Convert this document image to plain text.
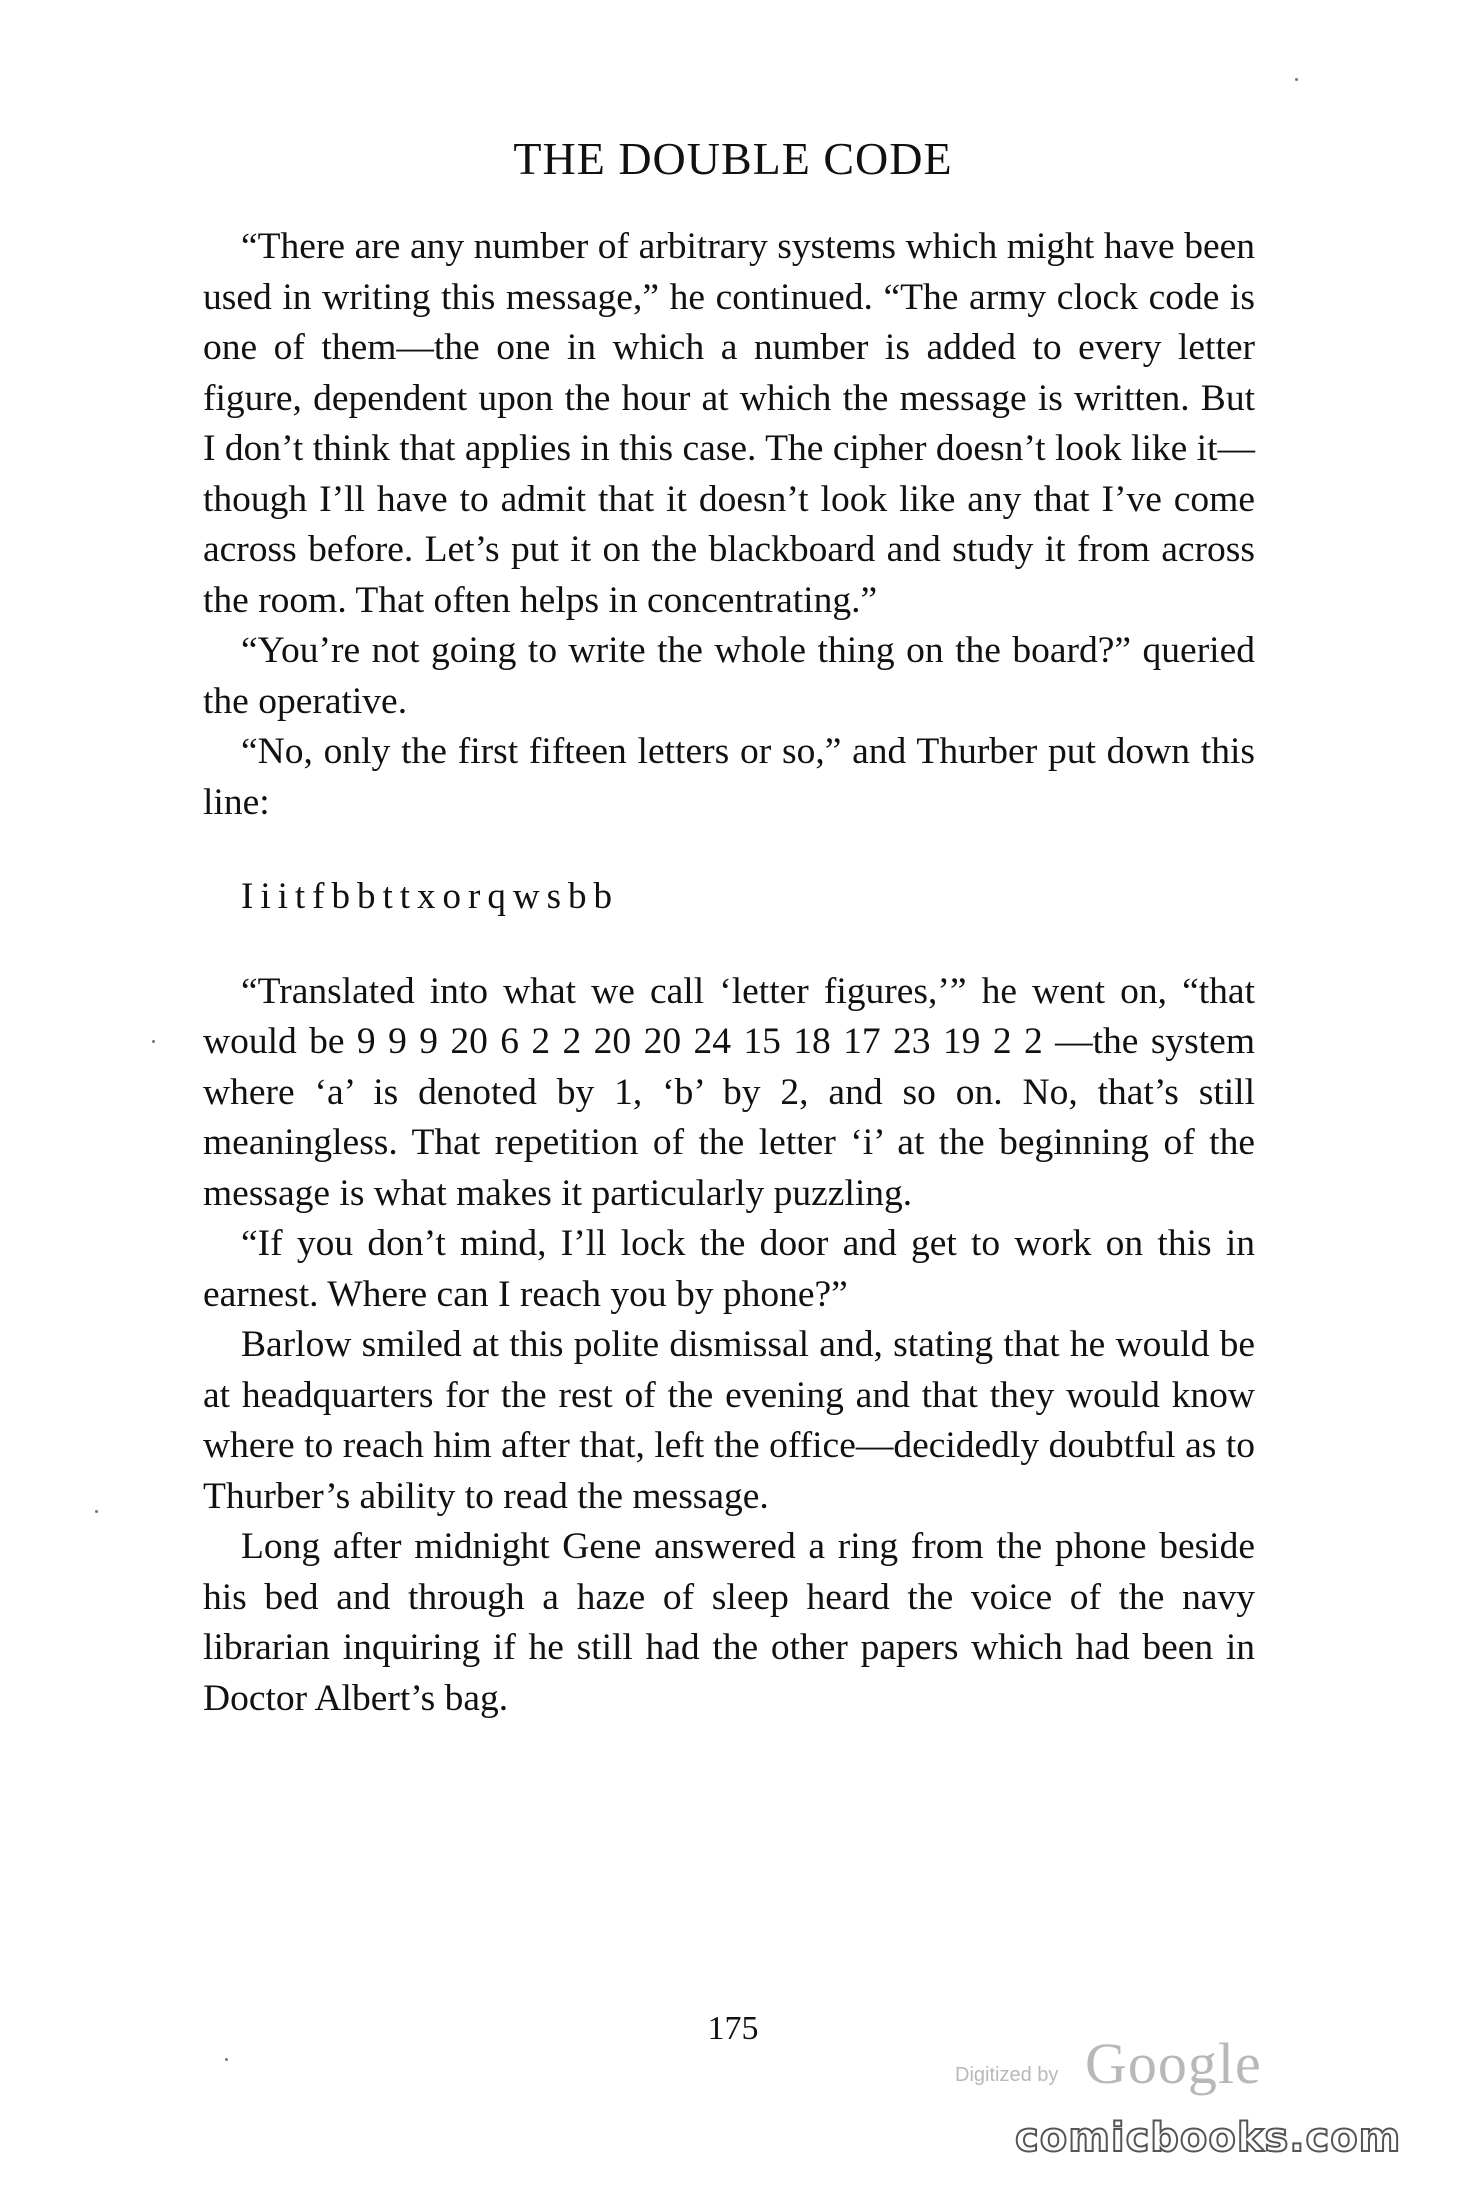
THE DOUBLE CODE

“There are any number of arbitrary systems which might have been used in writing this message,” he continued. “The army clock code is one of them—the one in which a number is added to every letter figure, dependent upon the hour at which the message is written. But I don’t think that applies in this case. The cipher doesn’t look like it—though I’ll have to admit that it doesn’t look like any that I’ve come across before. Let’s put it on the blackboard and study it from across the room. That often helps in concentrating.”

“You’re not going to write the whole thing on the board?” queried the operative.

“No, only the first fifteen letters or so,” and Thurber put down this line:

Iiitfbbttxorqwsbb

“Translated into what we call ‘letter figures,’” he went on, “that would be 9 9 9 20 6 2 2 20 20 24 15 18 17 23 19 2 2 —the system where ‘a’ is denoted by 1, ‘b’ by 2, and so on. No, that’s still meaningless. That repetition of the letter ‘i’ at the beginning of the message is what makes it particularly puzzling.

“If you don’t mind, I’ll lock the door and get to work on this in earnest. Where can I reach you by phone?”

Barlow smiled at this polite dismissal and, stating that he would be at headquarters for the rest of the evening and that they would know where to reach him after that, left the office—decidedly doubtful as to Thurber’s ability to read the message.

Long after midnight Gene answered a ring from the phone beside his bed and through a haze of sleep heard the voice of the navy librarian inquiring if he still had the other papers which had been in Doctor Albert’s bag.

175
Digitized by Google
comicbooks.com
